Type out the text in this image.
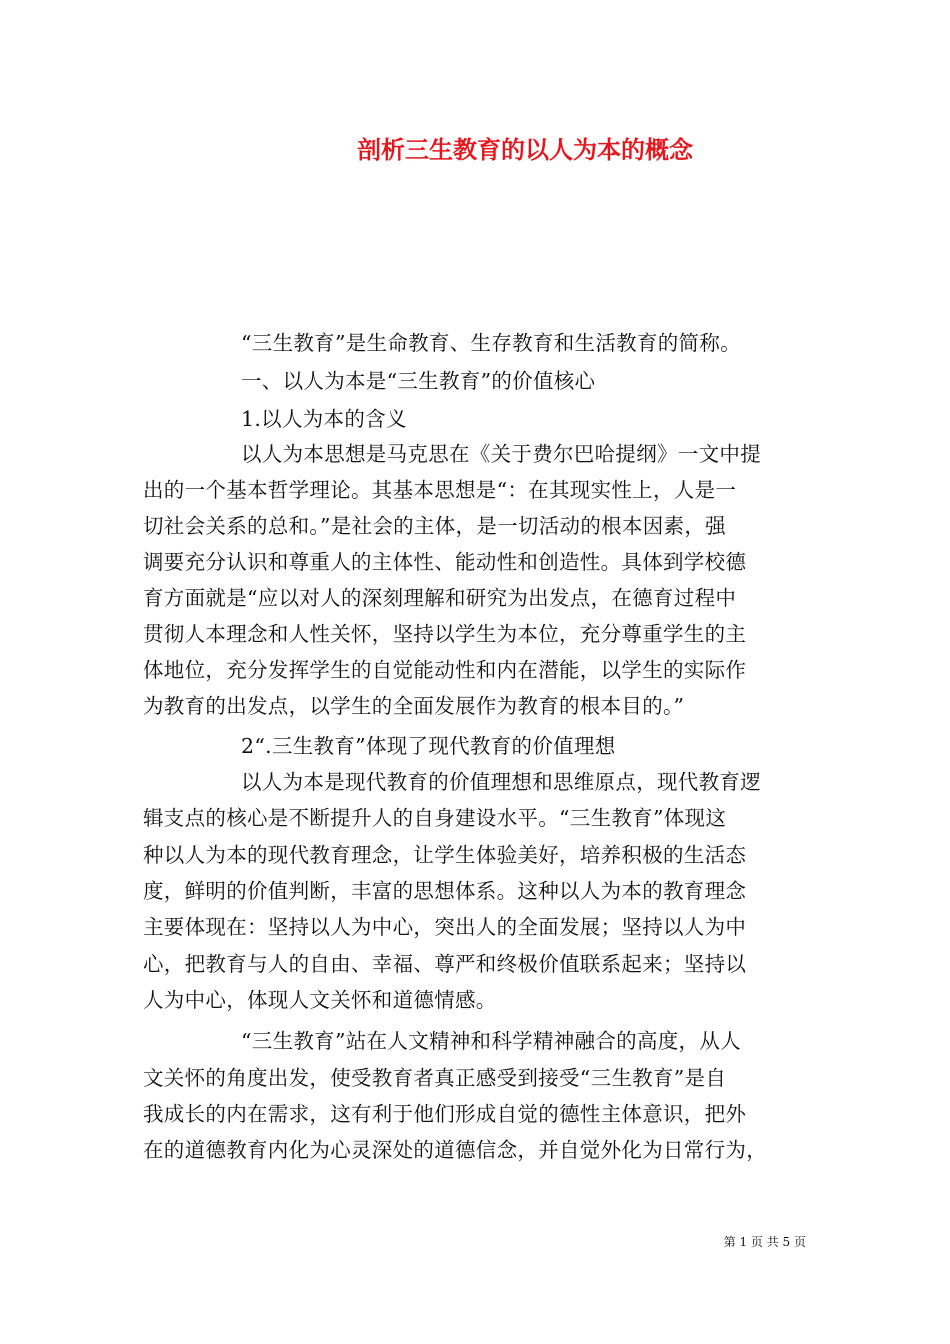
剖析三生教育的以人为本的概念
“三生教育”是生命教育、生存教育和生活教育的简称。
一、以人为本是“三生教育”的价值核心
1.以人为本的含义
以人为本思想是马克思在《关于费尔巴哈提纲》一文中提
出的一个基本哲学理论。其基本思想是“：在其现实性上，人是一
切社会关系的总和。”是社会的主体，是一切活动的根本因素，强
调要充分认识和尊重人的主体性、能动性和创造性。具体到学校德
育方面就是“应以对人的深刻理解和研究为出发点，在德育过程中
贯彻人本理念和人性关怀，坚持以学生为本位，充分尊重学生的主
体地位，充分发挥学生的自觉能动性和内在潜能，以学生的实际作
为教育的出发点，以学生的全面发展作为教育的根本目的。”
2“.三生教育”体现了现代教育的价值理想
以人为本是现代教育的价值理想和思维原点，现代教育逻
辑支点的核心是不断提升人的自身建设水平。“三生教育”体现这
种以人为本的现代教育理念，让学生体验美好，培养积极的生活态
度，鲜明的价值判断，丰富的思想体系。这种以人为本的教育理念
主要体现在：坚持以人为中心，突出人的全面发展；坚持以人为中
心，把教育与人的自由、幸福、尊严和终极价值联系起来；坚持以
人为中心，体现人文关怀和道德情感。
“三生教育”站在人文精神和科学精神融合的高度，从人
文关怀的角度出发，使受教育者真正感受到接受“三生教育”是自
我成长的内在需求，这有利于他们形成自觉的德性主体意识，把外
在的道德教育内化为心灵深处的道德信念，并自觉外化为日常行为，
第 1 页 共 5 页
